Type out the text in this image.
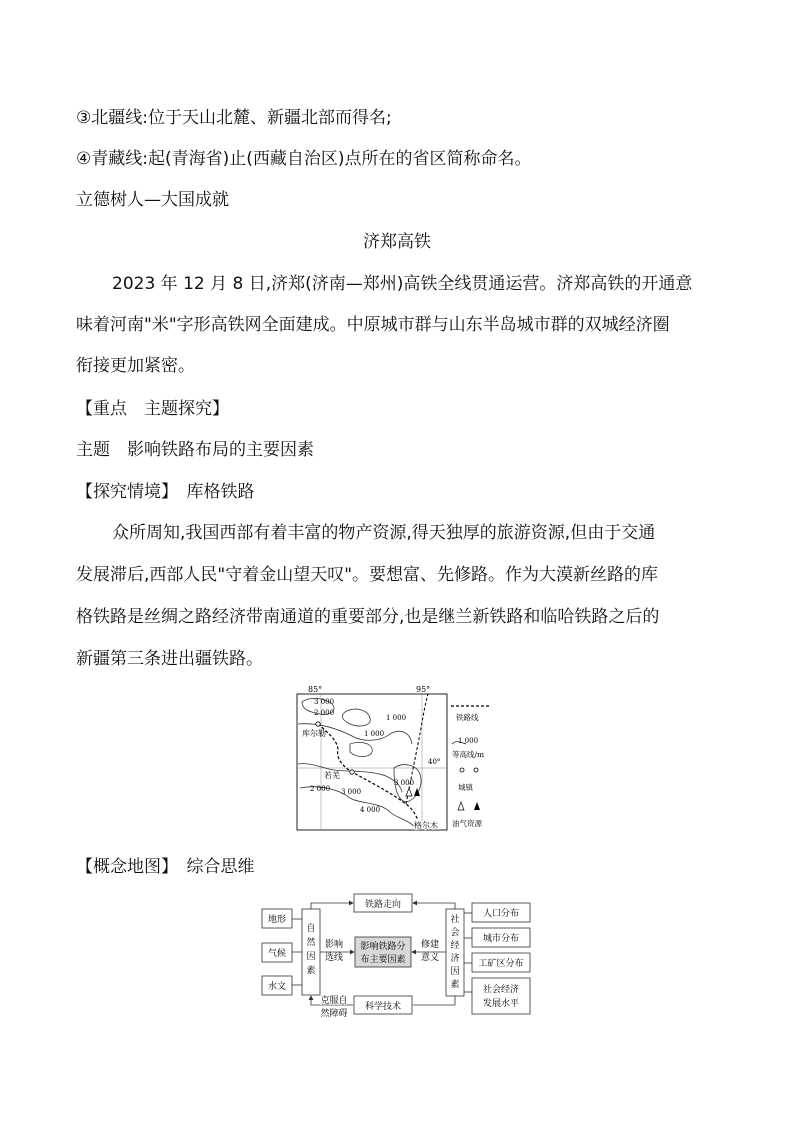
③北疆线:位于天山北麓、新疆北部而得名;
④青藏线:起(青海省)止(西藏自治区)点所在的省区简称命名。
立德树人—大国成就
济郑高铁
2023 年 12 月 8 日,济郑(济南—郑州)高铁全线贯通运营。济郑高铁的开通意
味着河南"米"字形高铁网全面建成。中原城市群与山东半岛城市群的双城经济圈
衔接更加紧密。
【重点　主题探究】
主题　影响铁路布局的主要因素
【探究情境】　库格铁路
众所周知,我国西部有着丰富的物产资源,得天独厚的旅游资源,但由于交通
发展滞后,西部人民"守着金山望天叹"。要想富、先修路。作为大漠新丝路的库
格铁路是丝绸之路经济带南通道的重要部分,也是继兰新铁路和临哈铁路之后的
新疆第三条进出疆铁路。
85°	95°
40°
3 000
2 000
1 000
1 000
3 000
3 000
2 000
4 000
库尔勒
若羌
格尔木
铁路线
1 000
等高线/m
城镇
油气资源
【概念地图】　综合思维
地形
气候
水文
自
然
因
素
影响
选线
影响铁路分
布主要因素
修建
意义
铁路走向
科学技术
克服自
然障碍
社
会
经
济
因
素
人口分布
城市分布
工矿区分布
社会经济
发展水平
